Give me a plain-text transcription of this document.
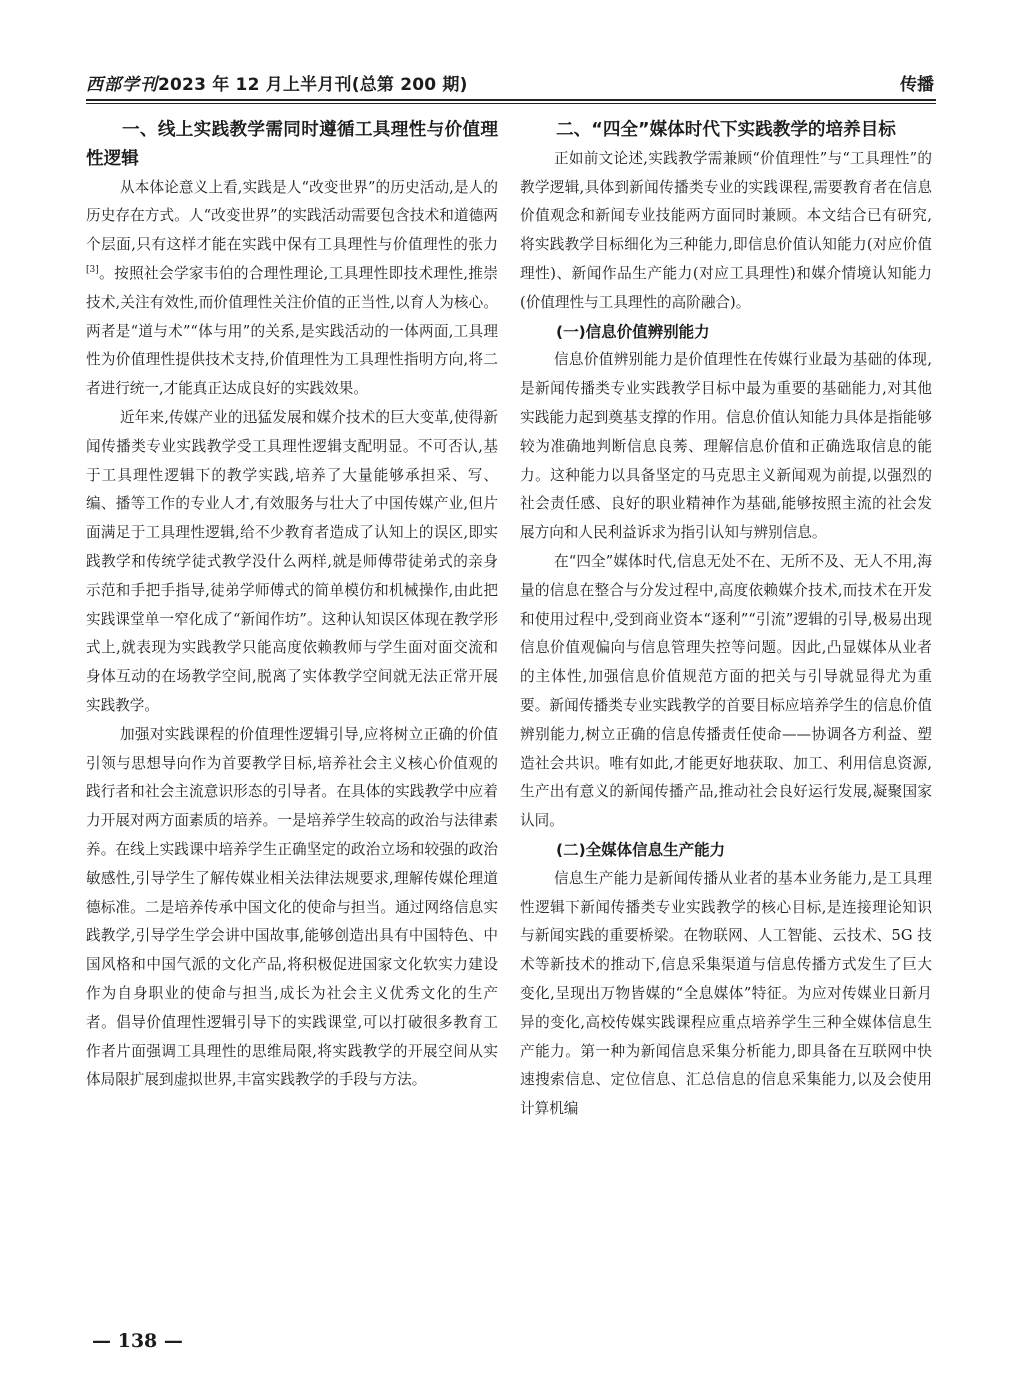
西部学刊2023 年 12 月上半月刊(总第 200 期)	传播
一、线上实践教学需同时遵循工具理性与价值理性逻辑

从本体论意义上看,实践是人“改变世界”的历史活动,是人的历史存在方式。人“改变世界”的实践活动需要包含技术和道德两个层面,只有这样才能在实践中保有工具理性与价值理性的张力[3]。按照社会学家韦伯的合理性理论,工具理性即技术理性,推崇技术,关注有效性,而价值理性关注价值的正当性,以育人为核心。两者是“道与术”“体与用”的关系,是实践活动的一体两面,工具理性为价值理性提供技术支持,价值理性为工具理性指明方向,将二者进行统一,才能真正达成良好的实践效果。

近年来,传媒产业的迅猛发展和媒介技术的巨大变革,使得新闻传播类专业实践教学受工具理性逻辑支配明显。不可否认,基于工具理性逻辑下的教学实践,培养了大量能够承担采、写、编、播等工作的专业人才,有效服务与壮大了中国传媒产业,但片面满足于工具理性逻辑,给不少教育者造成了认知上的误区,即实践教学和传统学徒式教学没什么两样,就是师傅带徒弟式的亲身示范和手把手指导,徒弟学师傅式的简单模仿和机械操作,由此把实践课堂单一窄化成了“新闻作坊”。这种认知误区体现在教学形式上,就表现为实践教学只能高度依赖教师与学生面对面交流和身体互动的在场教学空间,脱离了实体教学空间就无法正常开展实践教学。

加强对实践课程的价值理性逻辑引导,应将树立正确的价值引领与思想导向作为首要教学目标,培养社会主义核心价值观的践行者和社会主流意识形态的引导者。在具体的实践教学中应着力开展对两方面素质的培养。一是培养学生较高的政治与法律素养。在线上实践课中培养学生正确坚定的政治立场和较强的政治敏感性,引导学生了解传媒业相关法律法规要求,理解传媒伦理道德标准。二是培养传承中国文化的使命与担当。通过网络信息实践教学,引导学生学会讲中国故事,能够创造出具有中国特色、中国风格和中国气派的文化产品,将积极促进国家文化软实力建设作为自身职业的使命与担当,成长为社会主义优秀文化的生产者。倡导价值理性逻辑引导下的实践课堂,可以打破很多教育工作者片面强调工具理性的思维局限,将实践教学的开展空间从实体局限扩展到虚拟世界,丰富实践教学的手段与方法。

二、“四全”媒体时代下实践教学的培养目标

正如前文论述,实践教学需兼顾“价值理性”与“工具理性”的教学逻辑,具体到新闻传播类专业的实践课程,需要教育者在信息价值观念和新闻专业技能两方面同时兼顾。本文结合已有研究,将实践教学目标细化为三种能力,即信息价值认知能力(对应价值理性)、新闻作品生产能力(对应工具理性)和媒介情境认知能力(价值理性与工具理性的高阶融合)。

(一)信息价值辨别能力

信息价值辨别能力是价值理性在传媒行业最为基础的体现,是新闻传播类专业实践教学目标中最为重要的基础能力,对其他实践能力起到奠基支撑的作用。信息价值认知能力具体是指能够较为准确地判断信息良莠、理解信息价值和正确选取信息的能力。这种能力以具备坚定的马克思主义新闻观为前提,以强烈的社会责任感、良好的职业精神作为基础,能够按照主流的社会发展方向和人民利益诉求为指引认知与辨别信息。

在“四全”媒体时代,信息无处不在、无所不及、无人不用,海量的信息在整合与分发过程中,高度依赖媒介技术,而技术在开发和使用过程中,受到商业资本“逐利”“引流”逻辑的引导,极易出现信息价值观偏向与信息管理失控等问题。因此,凸显媒体从业者的主体性,加强信息价值规范方面的把关与引导就显得尤为重要。新闻传播类专业实践教学的首要目标应培养学生的信息价值辨别能力,树立正确的信息传播责任使命——协调各方利益、塑造社会共识。唯有如此,才能更好地获取、加工、利用信息资源,生产出有意义的新闻传播产品,推动社会良好运行发展,凝聚国家认同。

(二)全媒体信息生产能力

信息生产能力是新闻传播从业者的基本业务能力,是工具理性逻辑下新闻传播类专业实践教学的核心目标,是连接理论知识与新闻实践的重要桥梁。在物联网、人工智能、云技术、5G 技术等新技术的推动下,信息采集渠道与信息传播方式发生了巨大变化,呈现出万物皆媒的“全息媒体”特征。为应对传媒业日新月异的变化,高校传媒实践课程应重点培养学生三种全媒体信息生产能力。第一种为新闻信息采集分析能力,即具备在互联网中快速搜索信息、定位信息、汇总信息的信息采集能力,以及会使用计算机编

— 138 —
